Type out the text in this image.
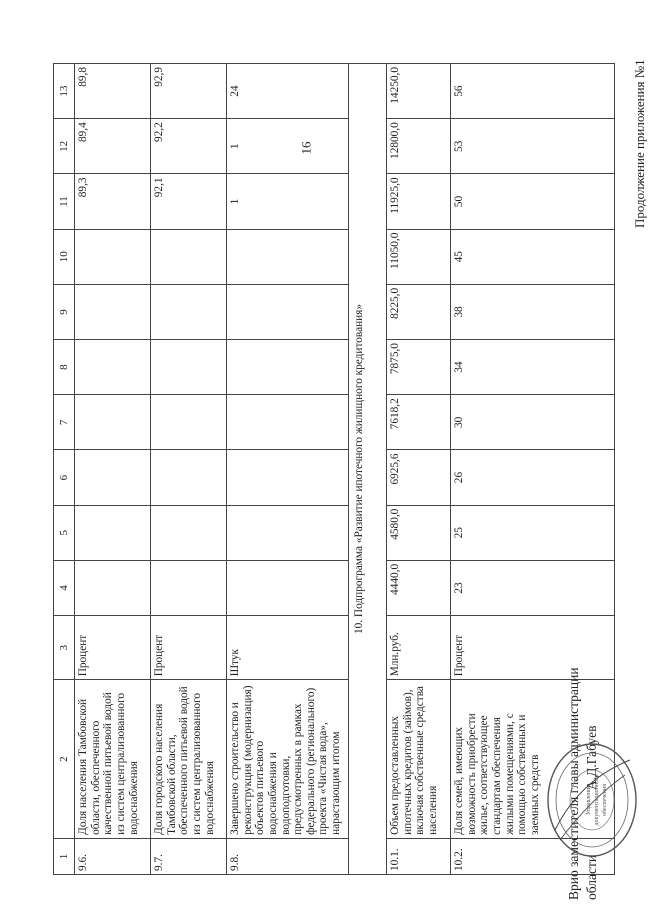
16	Продолжение приложения №1
1	2	3	4	5	6	7	8	9	10	11	12	13
9.6.	Доля населения Тамбовской области, обеспеченного качественной питьевой водой из систем централизованного водоснабжения	Процент								89,3	89,4	89,8
9.7.	Доля городского населения Тамбовской области, обеспеченного питьевой водой из систем централизованного водоснабжения	Процент								92,1	92,2	92,9
9.8.	Завершено строительство и реконструкция (модернизация) объектов питьевого водоснабжения и водоподготовки, предусмотренных в рамках федерального (регионального) проекта «Чистая вода», нарастающим итогом	Штук								1	1	24
10. Подпрограмма «Развитие ипотечного жилищного кредитования»												
10.1.	Объем предоставленных ипотечных кредитов (займов), включая собственные средства населения	Млн.руб.	4440,0	4580,0	6925,6	7618,2	7875,0	8225,0	11050,0	11925,0	12800,0	14250,0
10.2.	Доля семей, имеющих возможность приобрести жилье, соответствующее стандартам обеспечения жилыми помещениями, с помощью собственных и заемных средств	Процент	23	25	26	30	34	38	45	50	53	56
Врио заместителя главы администрации области
А.Д.Габуев
Управление документационного обеспечения
